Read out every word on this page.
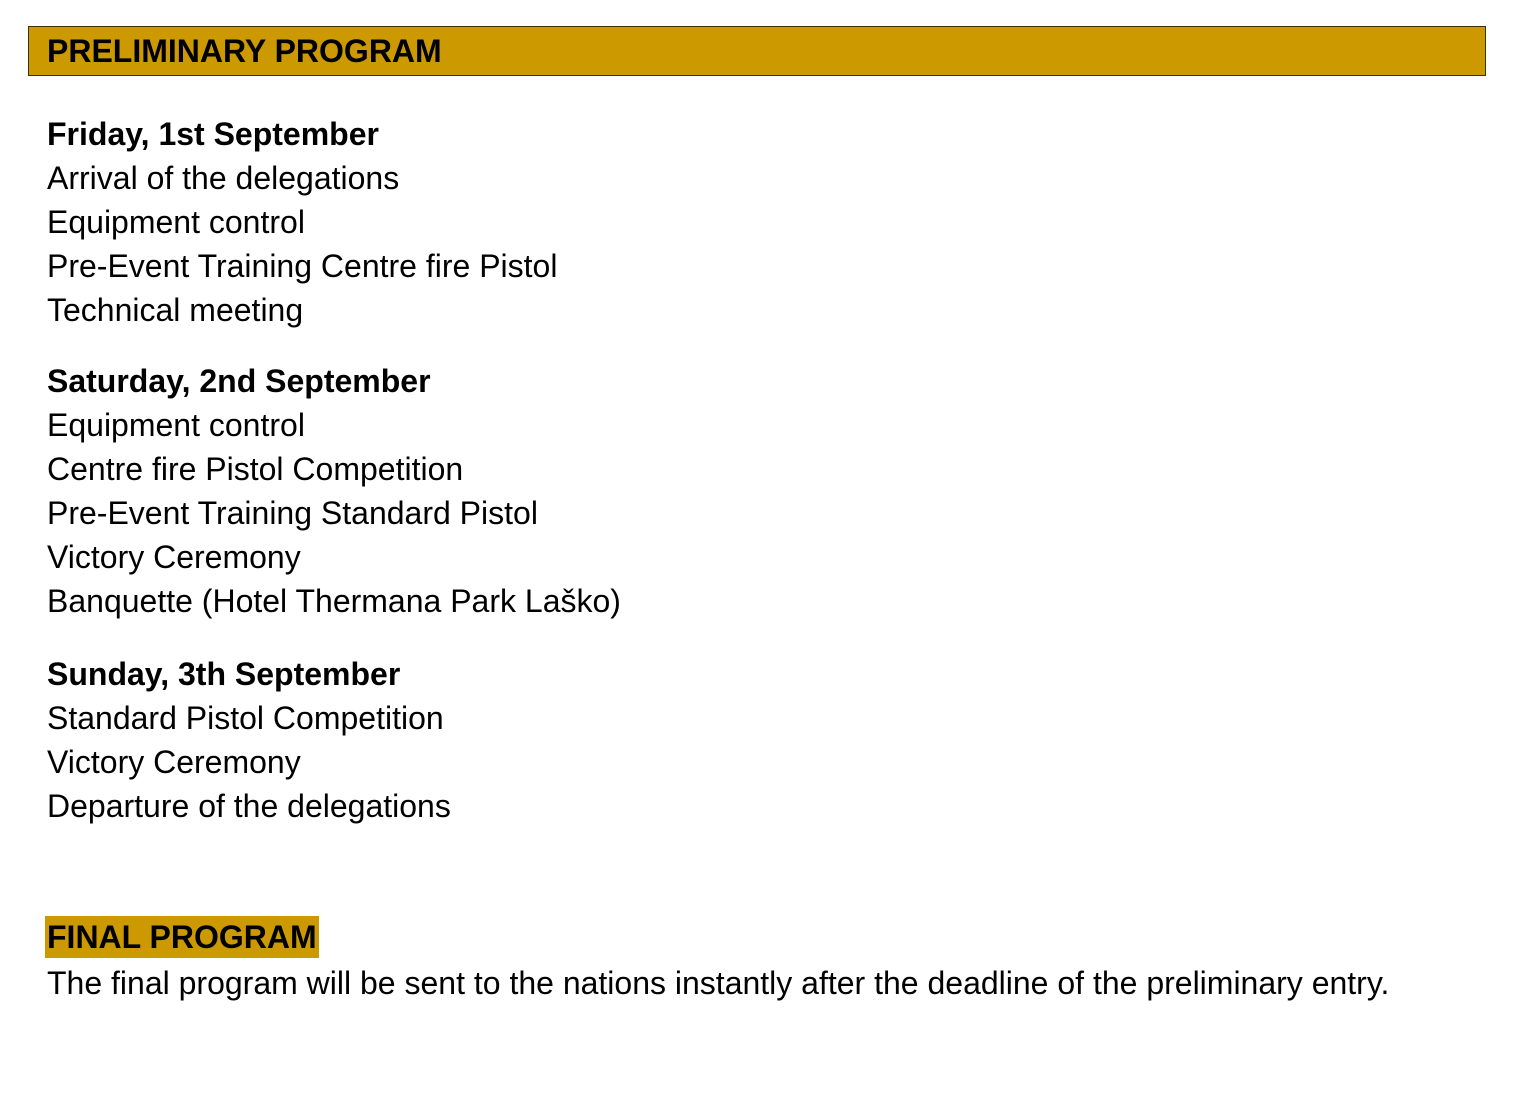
PRELIMINARY PROGRAM
Friday, 1st September
Arrival of the delegations
Equipment control
Pre-Event Training Centre fire Pistol
Technical meeting
Saturday, 2nd September
Equipment control
Centre fire Pistol Competition
Pre-Event Training Standard Pistol
Victory Ceremony
Banquette (Hotel Thermana Park Laško)
Sunday, 3th September
Standard Pistol Competition
Victory Ceremony
Departure of the delegations
FINAL PROGRAM
The final program will be sent to the nations instantly after the deadline of the preliminary entry.
